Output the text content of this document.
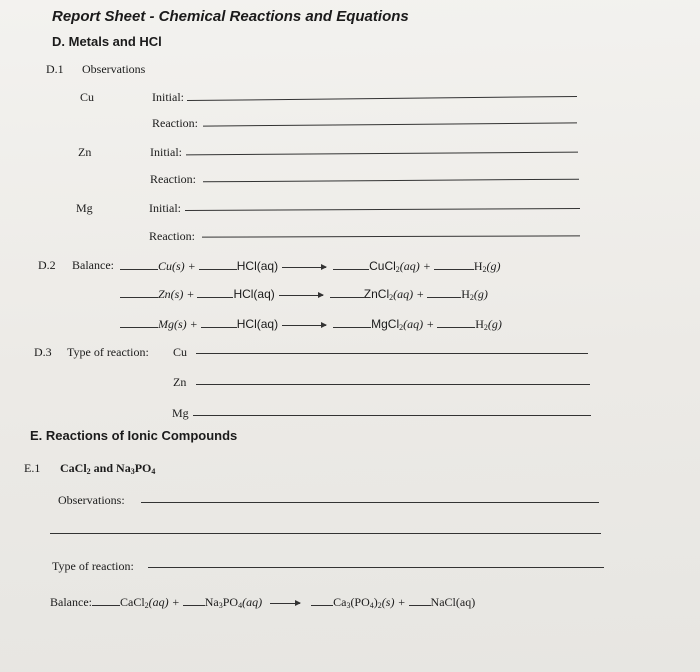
Report Sheet - Chemical Reactions and Equations
D. Metals and HCl
D.1 Observations
Cu	Initial:
Reaction:
Zn	Initial:
Reaction:
Mg	Initial:
Reaction:
D.2 Balance:	Cu(s) +	HCl(aq) →	CuCl$_2$(aq) +	$H_2(g)$
Zn(s) +	HCl(aq) →	ZnCl$_2$(aq) +	$H_2(g)$
Mg(s) +	HCl(aq) →	MgCl$_2$(aq) +	$H_2(g)$
D.3 Type of reaction: Cu
Zn
Mg
E. Reactions of Ionic Compounds
E.1 CaCl$_2$ and $Na_3PO_4$
Observations:
Type of reaction:
Balance: CaCl$_2$(aq) + $Na_3PO_4(aq)$ →	$Ca_3(PO_4)_2(s)$ + NaCl(aq)
